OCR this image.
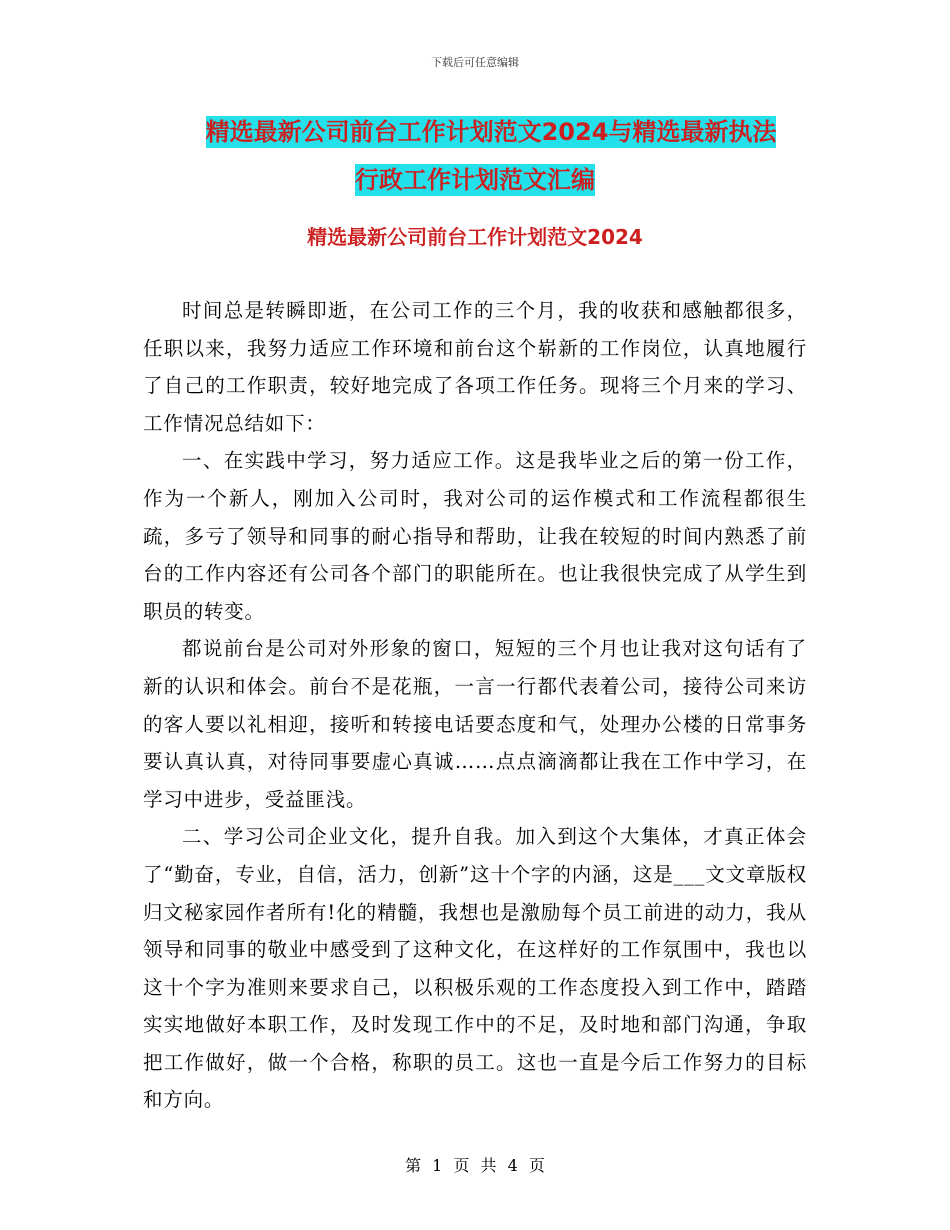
下载后可任意编辑
精选最新公司前台工作计划范文2024与精选最新执法
行政工作计划范文汇编
精选最新公司前台工作计划范文2024

时间总是转瞬即逝，在公司工作的三个月，我的收获和感触都很多，任职以来，我努力适应工作环境和前台这个崭新的工作岗位，认真地履行了自己的工作职责，较好地完成了各项工作任务。现将三个月来的学习、工作情况总结如下：

一、在实践中学习，努力适应工作。这是我毕业之后的第一份工作，作为一个新人，刚加入公司时，我对公司的运作模式和工作流程都很生疏，多亏了领导和同事的耐心指导和帮助，让我在较短的时间内熟悉了前台的工作内容还有公司各个部门的职能所在。也让我很快完成了从学生到职员的转变。

都说前台是公司对外形象的窗口，短短的三个月也让我对这句话有了新的认识和体会。前台不是花瓶，一言一行都代表着公司，接待公司来访的客人要以礼相迎，接听和转接电话要态度和气，处理办公楼的日常事务要认真认真，对待同事要虚心真诚……点点滴滴都让我在工作中学习，在学习中进步，受益匪浅。

二、学习公司企业文化，提升自我。加入到这个大集体，才真正体会了“勤奋，专业，自信，活力，创新”这十个字的内涵，这是___文文章版权归文秘家园作者所有!化的精髓，我想也是激励每个员工前进的动力，我从领导和同事的敬业中感受到了这种文化，在这样好的工作氛围中，我也以这十个字为准则来要求自己，以积极乐观的工作态度投入到工作中，踏踏实实地做好本职工作，及时发现工作中的不足，及时地和部门沟通，争取把工作做好，做一个合格，称职的员工。这也一直是今后工作努力的目标和方向。

第 1 页 共 4 页
